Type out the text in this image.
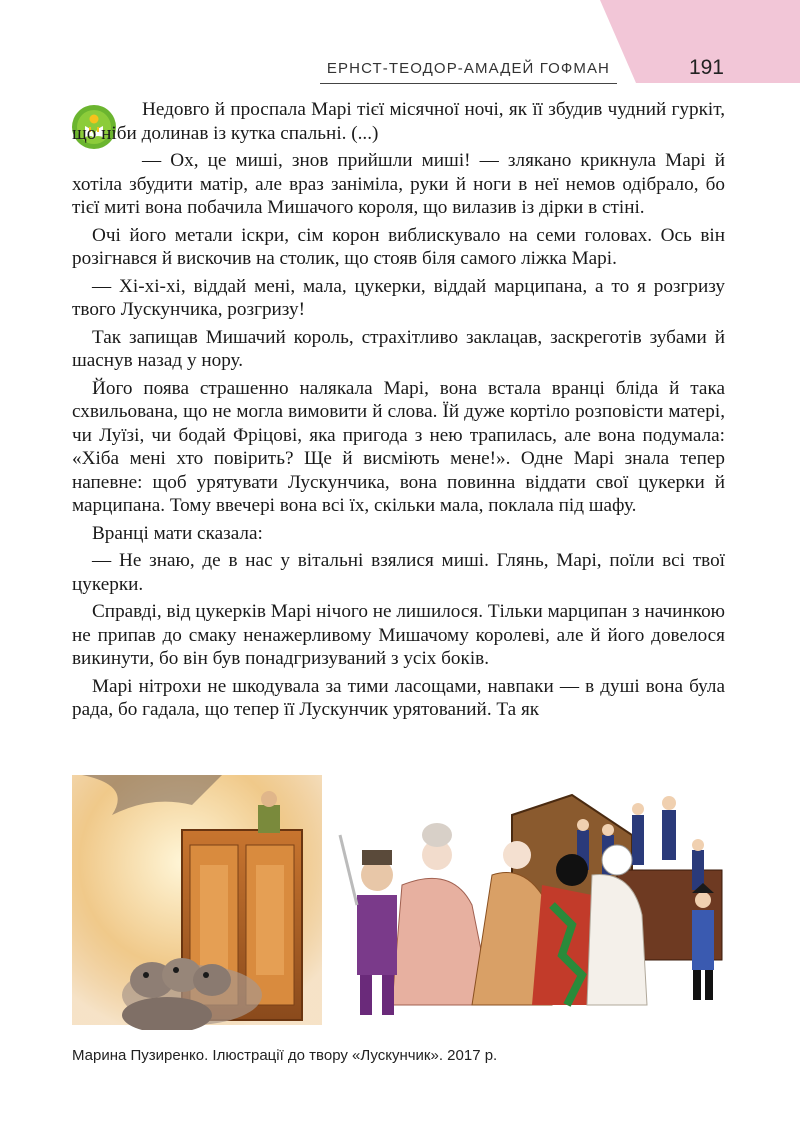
ЕРНСТ-ТЕОДОР-АМАДЕЙ ГОФМАН	191

Недовго й проспала Марі тієї місячної ночі, як її збудив чудний гуркіт, що ніби долинав із кутка спальні. (...)

— Ох, це миші, знов прийшли миші! — злякано крикнула Марі й хотіла збудити матір, але враз заніміла, руки й ноги в неї немов одібрало, бо тієї миті вона побачила Мишачого короля, що вилазив із дірки в стіні.

Очі його метали іскри, сім корон виблискувало на семи головах. Ось він розігнався й вискочив на столик, що стояв біля самого ліжка Марі.

— Хі-хі-хі, віддай мені, мала, цукерки, віддай марципана, а то я розгризу твого Лускунчика, розгризу!

Так запищав Мишачий король, страхітливо заклацав, заскреготів зубами й шаснув назад у нору.

Його поява страшенно налякала Марі, вона встала вранці бліда й така схвильована, що не могла вимовити й слова. Їй дуже кортіло розповісти матері, чи Луїзі, чи бодай Фріцові, яка пригода з нею трапилась, але вона подумала: «Хіба мені хто повірить? Ще й висміють мене!». Одне Марі знала тепер напевне: щоб урятувати Лускунчика, вона повинна віддати свої цукерки й марципана. Тому ввечері вона всі їх, скільки мала, поклала під шафу.

Вранці мати сказала:

— Не знаю, де в нас у вітальні взялися миші. Глянь, Марі, поїли всі твої цукерки.

Справді, від цукерків Марі нічого не лишилося. Тільки марципан з начинкою не припав до смаку ненажерливому Мишачому королеві, але й його довелося викинути, бо він був понадгризуваний з усіх боків.

Марі нітрохи не шкодувала за тими ласощами, навпаки — в душі вона була рада, бо гадала, що тепер її Лускунчик урятований. Та як

Марина Пузиренко. Ілюстрації до твору «Лускунчик». 2017 р.
